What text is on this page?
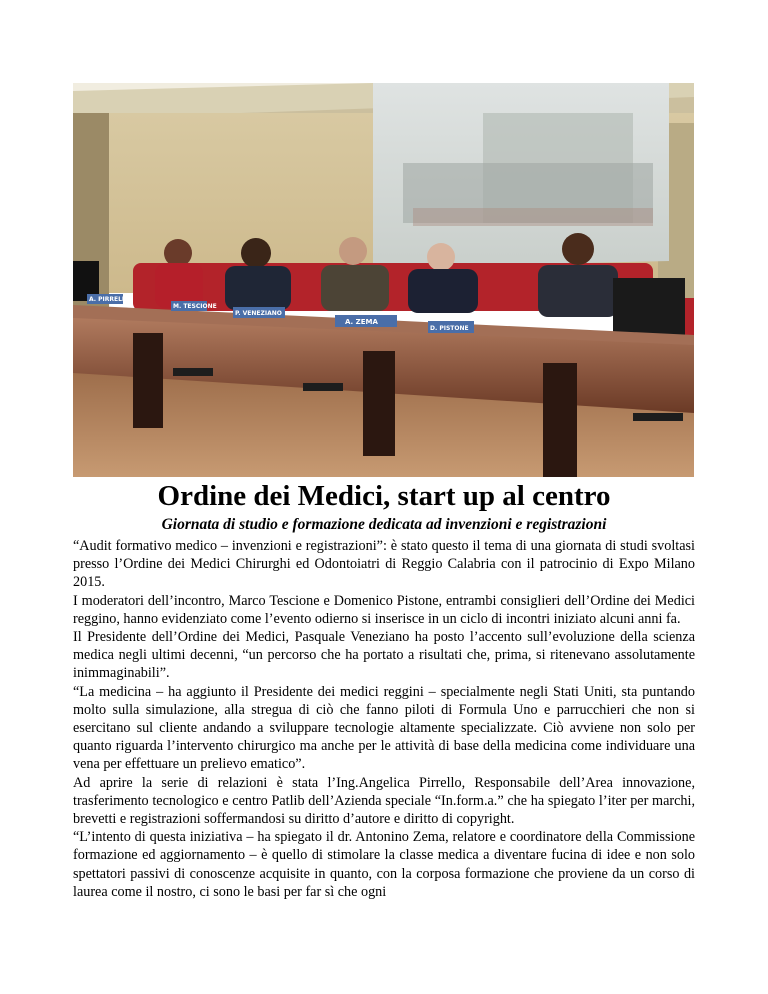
A. PIRRELLO
M. TESCIONE
P. VENEZIANO
A. ZEMA
D. PISTONE
Ordine dei Medici, start up al centro
Giornata di studio e formazione dedicata ad invenzioni e registrazioni

“Audit formativo medico – invenzioni e registrazioni”: è stato questo il tema di una giornata di studi svoltasi presso l’Ordine dei Medici Chirurghi ed Odontoiatri di Reggio Calabria con il patrocinio di Expo Milano 2015.

I moderatori dell’incontro, Marco Tescione e Domenico Pistone, entrambi consiglieri dell’Ordine dei Medici reggino, hanno evidenziato come l’evento odierno si inserisce in un ciclo di incontri iniziato alcuni anni fa.

Il Presidente dell’Ordine dei Medici, Pasquale Veneziano ha posto l’accento sull’evoluzione della scienza medica negli ultimi decenni, “un percorso che ha portato a risultati che, prima, si ritenevano assolutamente inimmaginabili”.

“La medicina – ha aggiunto il Presidente dei medici reggini – specialmente negli Stati Uniti, sta puntando molto sulla simulazione, alla stregua di ciò che fanno piloti di Formula Uno e parrucchieri che non si esercitano sul cliente andando a sviluppare tecnologie altamente specializzate. Ciò avviene non solo per quanto riguarda l’intervento chirurgico ma anche per le attività di base della medicina come individuare una vena per effettuare un prelievo ematico”.

Ad aprire la serie di relazioni è stata l’Ing.Angelica Pirrello, Responsabile dell’Area innovazione, trasferimento tecnologico e centro Patlib dell’Azienda speciale “In.form.a.” che ha spiegato l’iter per marchi, brevetti e registrazioni soffermandosi su diritto d’autore e diritto di copyright.

“L’intento di questa iniziativa – ha spiegato il dr. Antonino Zema, relatore e coordinatore della Commissione formazione ed aggiornamento – è quello di stimolare la classe medica a diventare fucina di idee e non solo spettatori passivi di conoscenze acquisite in quanto, con la corposa formazione che proviene da un corso di laurea come il nostro, ci sono le basi per far sì che ogni
